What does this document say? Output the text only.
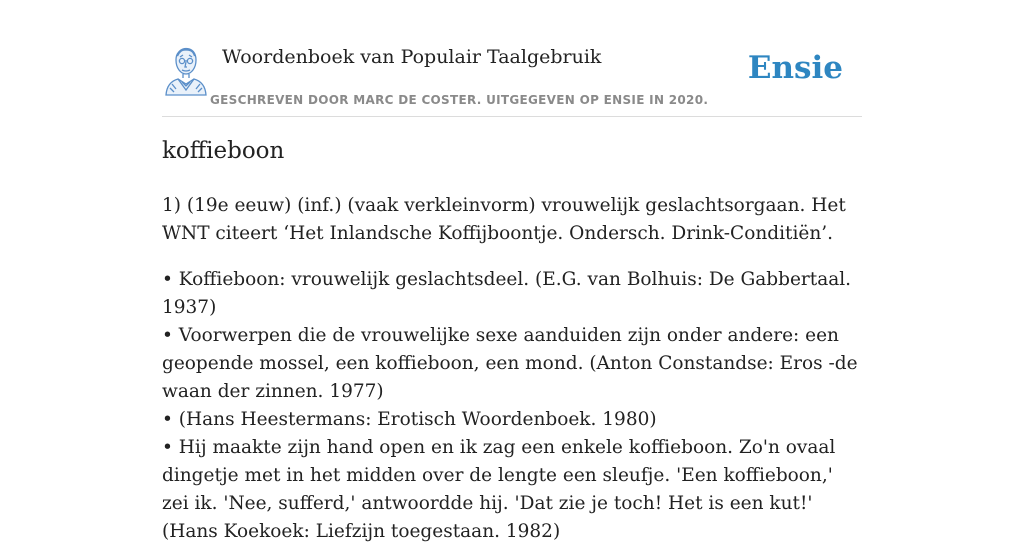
Woordenboek van Populair Taalgebruik
GESCHREVEN DOOR MARC DE COSTER. UITGEGEVEN OP ENSIE IN 2020.
Ensie
koffieboon

1) (19e eeuw) (inf.) (vaak verkleinvorm) vrouwelijk geslachtsorgaan. Het WNT citeert ‘Het Inlandsche Koffijboontje. Ondersch. Drink-Conditiën’.

• Koffieboon: vrouwelijk geslachtsdeel. (E.G. van Bolhuis: De Gabbertaal. 1937)
• Voorwerpen die de vrouwelijke sexe aanduiden zijn onder andere: een geopende mossel, een koffieboon, een mond. (Anton Constandse: Eros -de waan der zinnen. 1977)
• (Hans Heestermans: Erotisch Woordenboek. 1980)
• Hij maakte zijn hand open en ik zag een enkele koffieboon. Zo'n ovaal dingetje met in het midden over de lengte een sleufje. 'Een koffieboon,' zei ik. 'Nee, sufferd,' antwoordde hij. 'Dat zie je toch! Het is een kut!' (Hans Koekoek: Liefzijn toegestaan. 1982)
